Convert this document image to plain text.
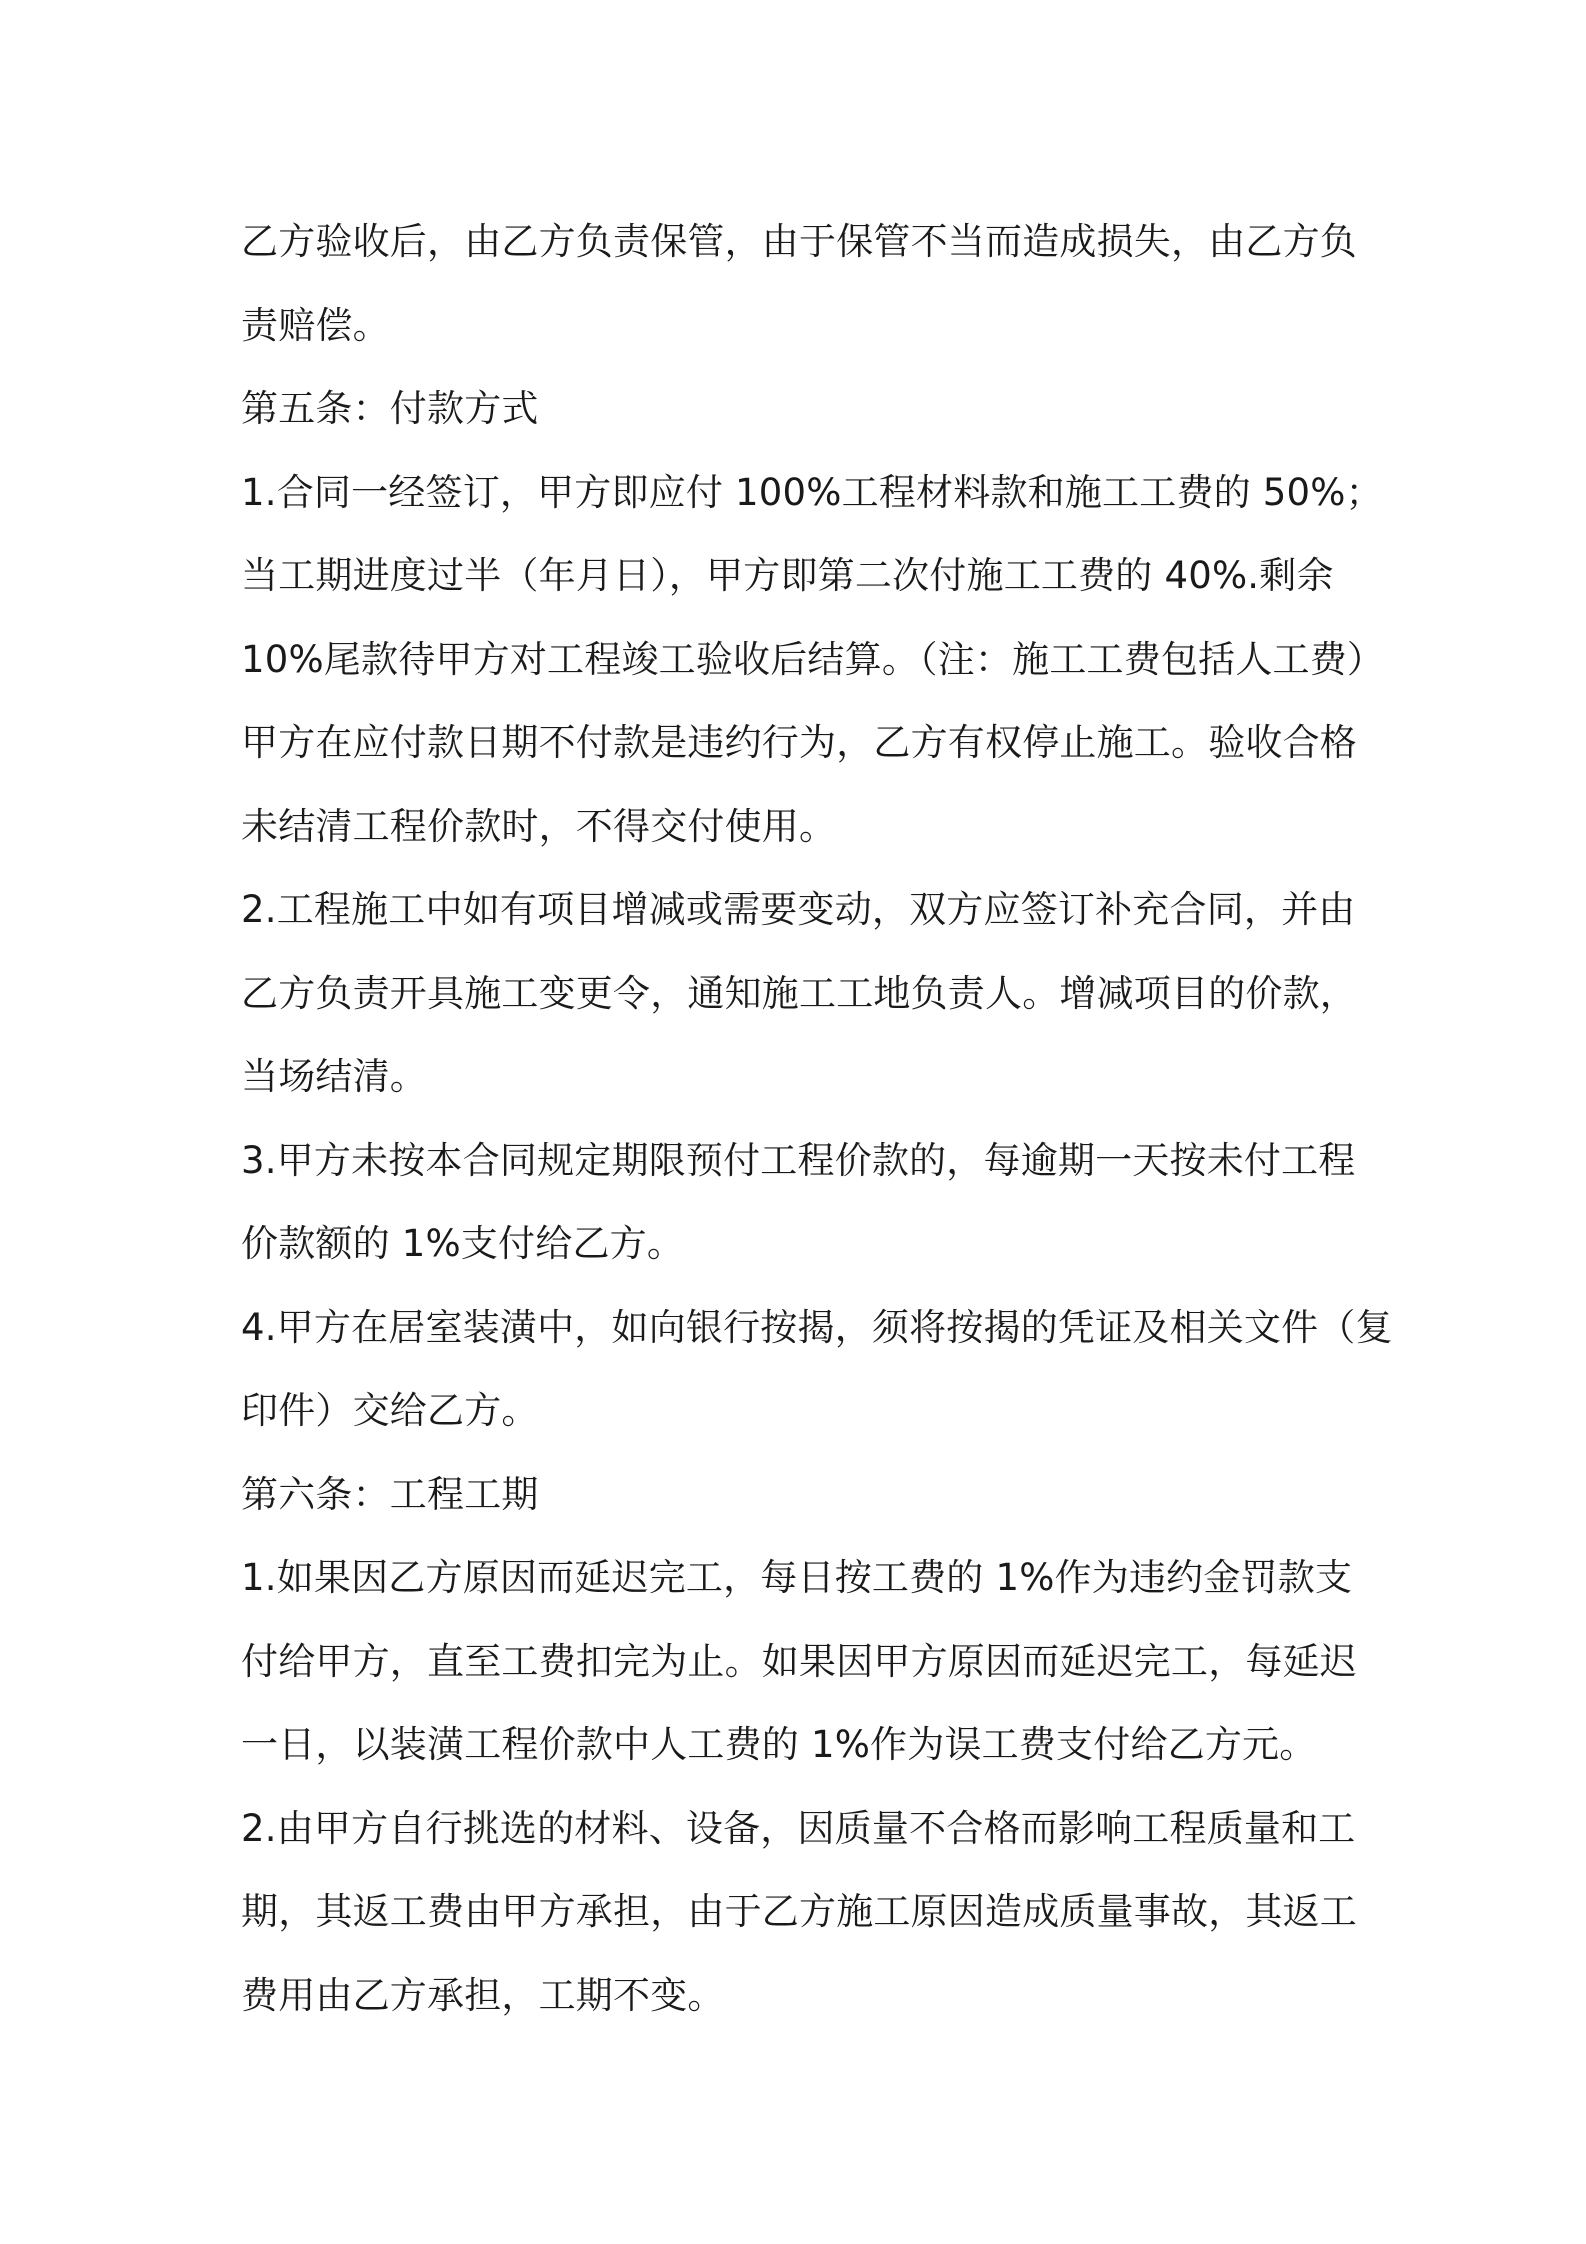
乙方验收后，由乙方负责保管，由于保管不当而造成损失，由乙方负
责赔偿。
第五条：付款方式
1.合同一经签订，甲方即应付 100%工程材料款和施工工费的 50%；
当工期进度过半（年月日），甲方即第二次付施工工费的 40%.剩余
10%尾款待甲方对工程竣工验收后结算。（注：施工工费包括人工费）
甲方在应付款日期不付款是违约行为，乙方有权停止施工。验收合格
未结清工程价款时，不得交付使用。
2.工程施工中如有项目增减或需要变动，双方应签订补充合同，并由
乙方负责开具施工变更令，通知施工工地负责人。增减项目的价款，
当场结清。
3.甲方未按本合同规定期限预付工程价款的，每逾期一天按未付工程
价款额的 1%支付给乙方。
4.甲方在居室装潢中，如向银行按揭，须将按揭的凭证及相关文件（复
印件）交给乙方。
第六条：工程工期
1.如果因乙方原因而延迟完工，每日按工费的 1%作为违约金罚款支
付给甲方，直至工费扣完为止。如果因甲方原因而延迟完工，每延迟
一日，以装潢工程价款中人工费的 1%作为误工费支付给乙方元。
2.由甲方自行挑选的材料、设备，因质量不合格而影响工程质量和工
期，其返工费由甲方承担，由于乙方施工原因造成质量事故，其返工
费用由乙方承担，工期不变。
